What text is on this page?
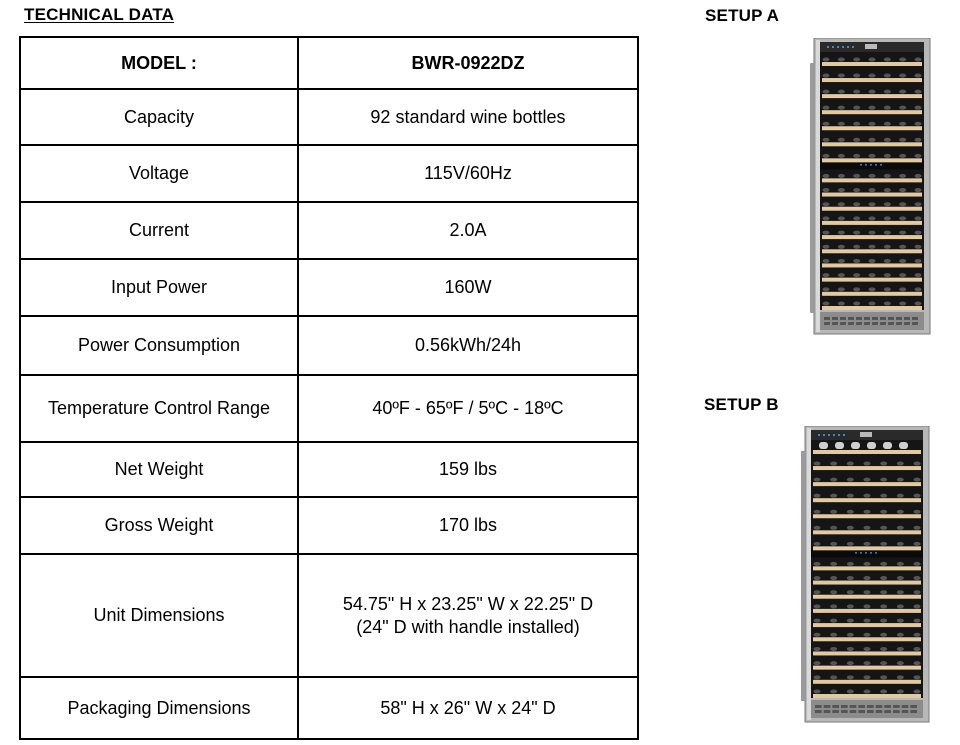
TECHNICAL DATA	SETUP A
SETUP B
MODEL :	BWR-0922DZ
Capacity	92 standard wine bottles
Voltage	115V/60Hz
Current	2.0A
Input Power	160W
Power Consumption	0.56kWh/24h
Temperature Control Range	40ºF - 65ºF / 5ºC - 18ºC
Net Weight	159 lbs
Gross Weight	170 lbs
Unit Dimensions	54.75" H x 23.25" W x 22.25" D
(24" D with handle installed)

Packaging Dimensions	58" H x 26" W x 24" D
